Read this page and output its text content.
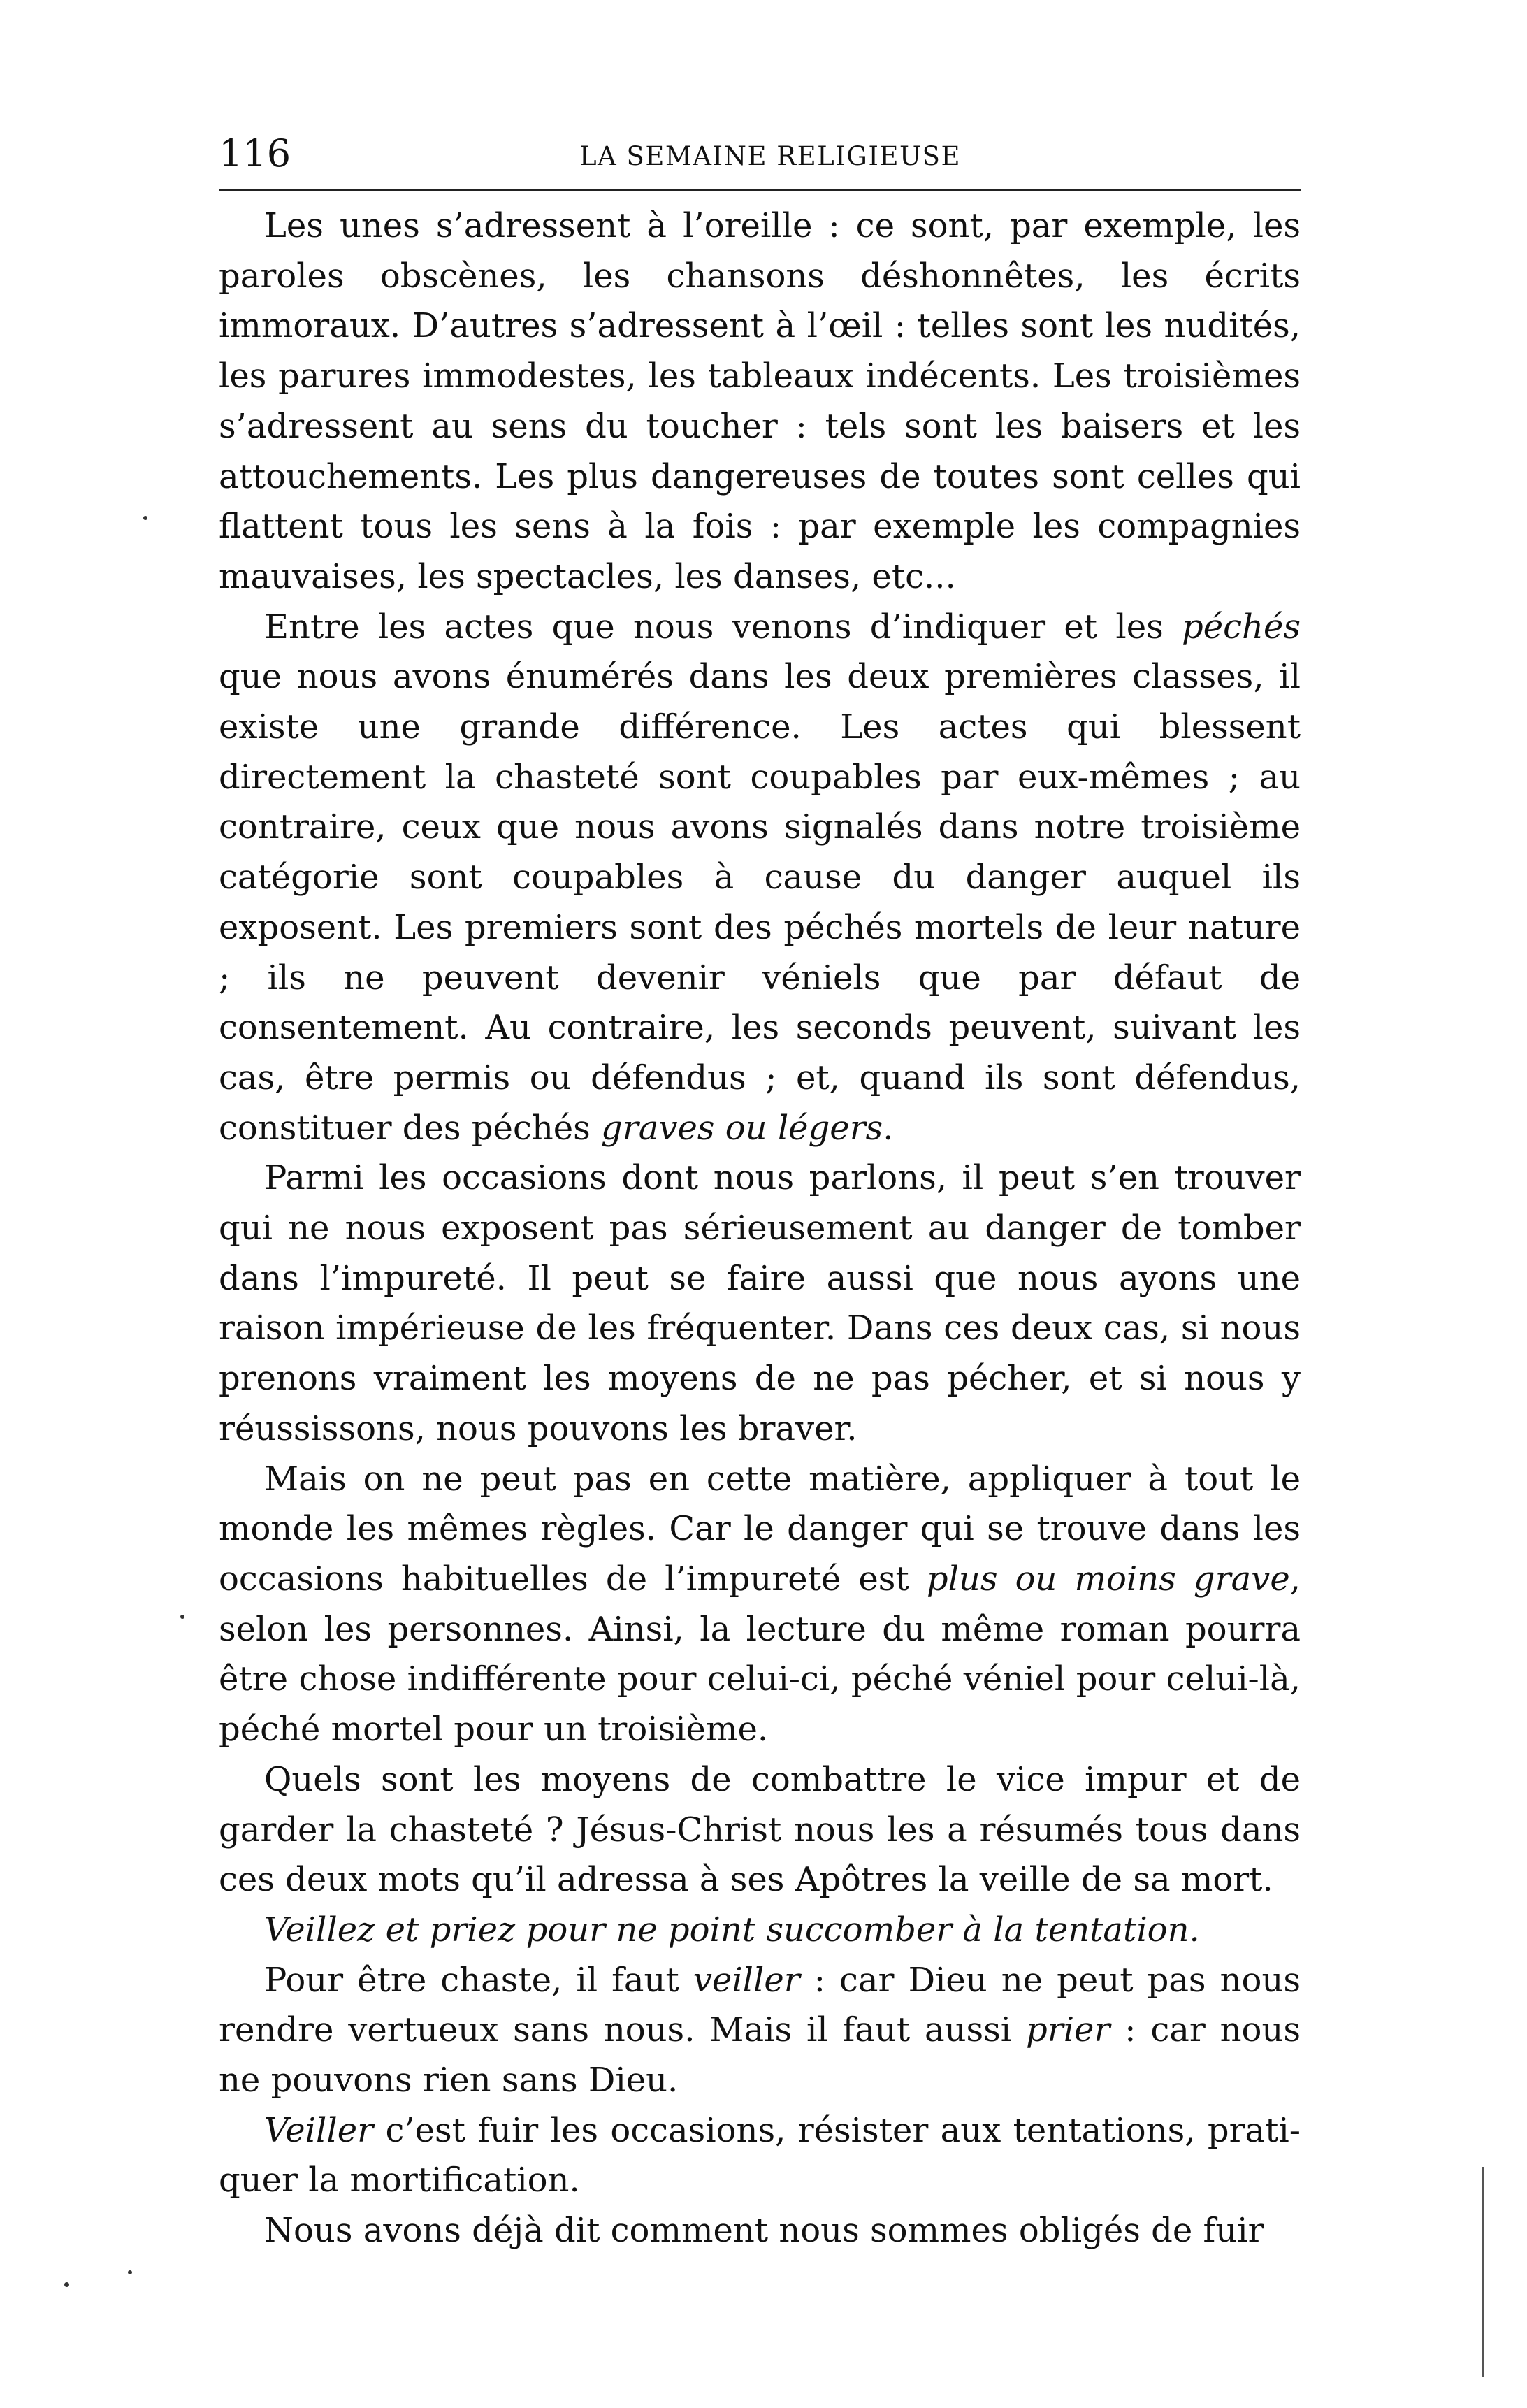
116	LA SEMAINE RELIGIEUSE

Les unes s’adressent à l’oreille : ce sont, par exemple, les paroles obscènes, les chansons déshonnêtes, les écrits immoraux. D’autres s’adressent à l’œil : telles sont les nudités, les parures immodestes, les tableaux indécents. Les troisièmes s’adressent au sens du toucher : tels sont les baisers et les attouchements. Les plus dangereuses de toutes sont celles qui flattent tous les sens à la fois : par exemple les compagnies mauvaises, les spectacles, les danses, etc...

Entre les actes que nous venons d’indiquer et les péchés que nous avons énumérés dans les deux premières classes, il existe une grande différence. Les actes qui blessent directement la chasteté sont coupables par eux-mêmes ; au contraire, ceux que nous avons signalés dans notre troisième catégorie sont coupables à cause du danger auquel ils exposent. Les premiers sont des péchés mortels de leur nature ; ils ne peuvent devenir véniels que par défaut de consentement. Au contraire, les seconds peuvent, suivant les cas, être permis ou défendus ; et, quand ils sont défendus, constituer des péchés graves ou légers.

Parmi les occasions dont nous parlons, il peut s’en trouver qui ne nous exposent pas sérieusement au danger de tomber dans l’impureté. Il peut se faire aussi que nous ayons une raison impérieuse de les fréquenter. Dans ces deux cas, si nous prenons vraiment les moyens de ne pas pécher, et si nous y réussissons, nous pouvons les braver.

Mais on ne peut pas en cette matière, appliquer à tout le monde les mêmes règles. Car le danger qui se trouve dans les occasions habituelles de l’impureté est plus ou moins grave, selon les personnes. Ainsi, la lecture du même roman pourra être chose indifférente pour celui-ci, péché véniel pour celui-là, péché mortel pour un troisième.

Quels sont les moyens de combattre le vice impur et de garder la chasteté ? Jésus-Christ nous les a résumés tous dans ces deux mots qu’il adressa à ses Apôtres la veille de sa mort.

Veillez et priez pour ne point succomber à la tentation.

Pour être chaste, il faut veiller : car Dieu ne peut pas nous rendre vertueux sans nous. Mais il faut aussi prier : car nous ne pouvons rien sans Dieu.

Veiller c’est fuir les occasions, résister aux tentations, pratiquer la mortification.

Nous avons déjà dit comment nous sommes obligés de fuir
